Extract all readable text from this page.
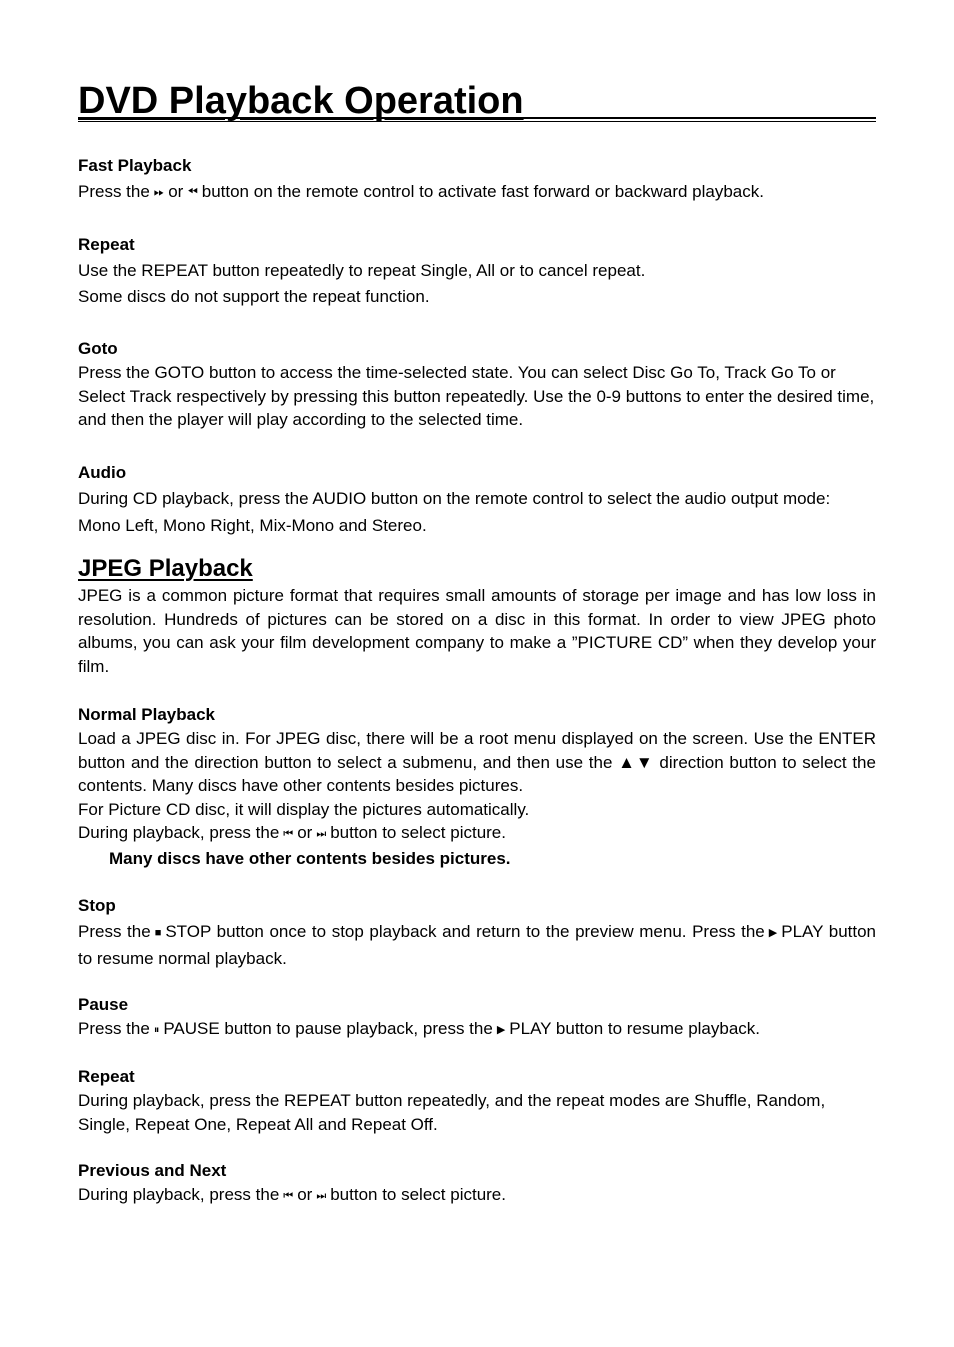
DVD Playback Operation

Fast Playback

Press the ⏩︎ or ⏪︎ button on the remote control to activate fast forward or backward playback.

Repeat

Use the REPEAT button repeatedly to repeat Single, All or to cancel repeat.

Some discs do not support the repeat function.

Goto

Press the GOTO button to access the time-selected state. You can select Disc Go To, Track Go To or Select Track respectively by pressing this button repeatedly. Use the 0-9 buttons to enter the desired time, and then the player will play according to the selected time.

Audio

During CD playback, press the AUDIO button on the remote control to select the audio output mode:

Mono Left, Mono Right, Mix-Mono and Stereo.

JPEG Playback

JPEG is a common picture format that requires small amounts of storage per image and has low loss in resolution. Hundreds of pictures can be stored on a disc in this format. In order to view JPEG photo albums, you can ask your film development company to make a ”PICTURE CD” when they develop your film.

Normal Playback

Load a JPEG disc in. For JPEG disc, there will be a root menu displayed on the screen. Use the ENTER button and the direction button to select a submenu, and then use the ▲▼ direction button to select the contents. Many discs have other contents besides pictures.

For Picture CD disc, it will display the pictures automatically.

During playback, press the ⏮︎ or ⏭︎ button to select picture.

Many discs have other contents besides pictures.

Stop

Press the ■ STOP button once to stop playback and return to the preview menu. Press the ▶︎ PLAY button to resume normal playback.

Pause

Press the ⏸︎ PAUSE button to pause playback, press the ▶︎ PLAY button to resume playback.

Repeat

During playback, press the REPEAT button repeatedly, and the repeat modes are Shuffle, Random, Single, Repeat One, Repeat All and Repeat Off.

Previous and Next

During playback, press the ⏮︎ or ⏭︎ button to select picture.
